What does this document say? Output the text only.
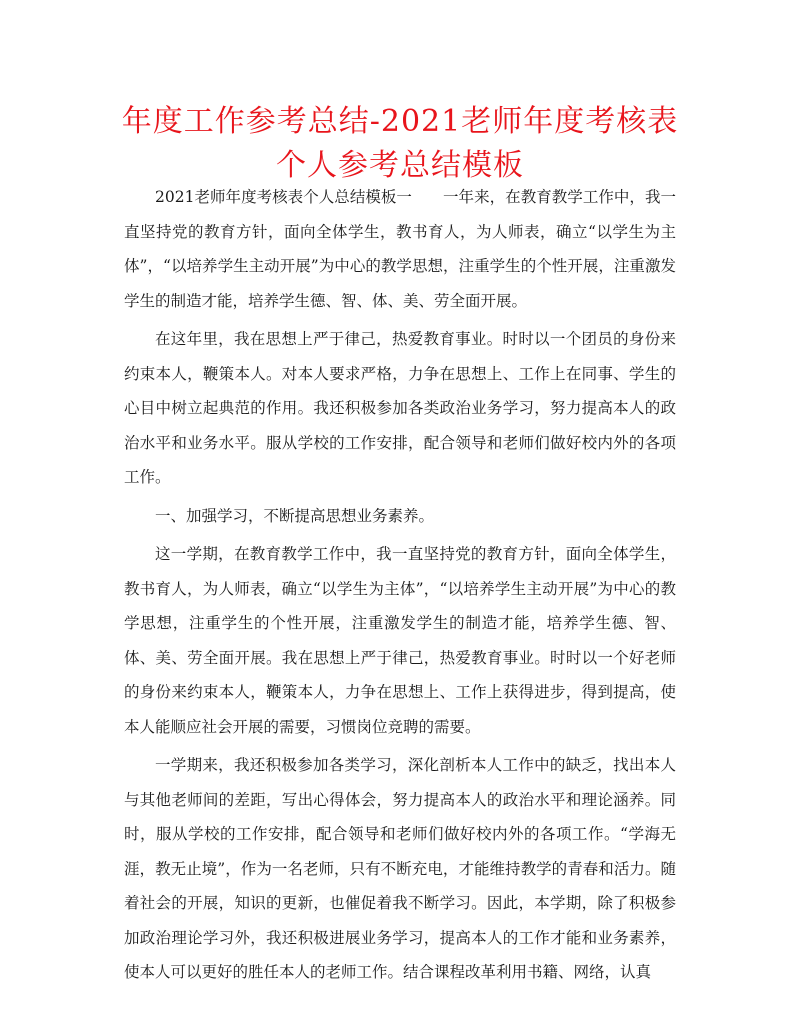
年度工作参考总结-2021老师年度考核表个人参考总结模板

2021老师年度考核表个人总结模板一　　一年来，在教育教学工作中，我一直坚持党的教育方针，面向全体学生，教书育人，为人师表，确立“以学生为主体”，“以培养学生主动开展”为中心的教学思想，注重学生的个性开展，注重激发学生的制造才能，培养学生德、智、体、美、劳全面开展。

在这年里，我在思想上严于律己，热爱教育事业。时时以一个团员的身份来约束本人，鞭策本人。对本人要求严格，力争在思想上、工作上在同事、学生的心目中树立起典范的作用。我还积极参加各类政治业务学习，努力提高本人的政治水平和业务水平。服从学校的工作安排，配合领导和老师们做好校内外的各项工作。

一、加强学习，不断提高思想业务素养。

这一学期，在教育教学工作中，我一直坚持党的教育方针，面向全体学生，教书育人，为人师表，确立“以学生为主体”，“以培养学生主动开展”为中心的教学思想，注重学生的个性开展，注重激发学生的制造才能，培养学生德、智、体、美、劳全面开展。我在思想上严于律己，热爱教育事业。时时以一个好老师的身份来约束本人，鞭策本人，力争在思想上、工作上获得进步，得到提高，使本人能顺应社会开展的需要，习惯岗位竞聘的需要。

一学期来，我还积极参加各类学习，深化剖析本人工作中的缺乏，找出本人与其他老师间的差距，写出心得体会，努力提高本人的政治水平和理论涵养。同时，服从学校的工作安排，配合领导和老师们做好校内外的各项工作。“学海无涯，教无止境”，作为一名老师，只有不断充电，才能维持教学的青春和活力。随着社会的开展，知识的更新，也催促着我不断学习。因此，本学期，除了积极参加政治理论学习外，我还积极进展业务学习，提高本人的工作才能和业务素养，使本人可以更好的胜任本人的老师工作。结合课程改革利用书籍、网络，认真
